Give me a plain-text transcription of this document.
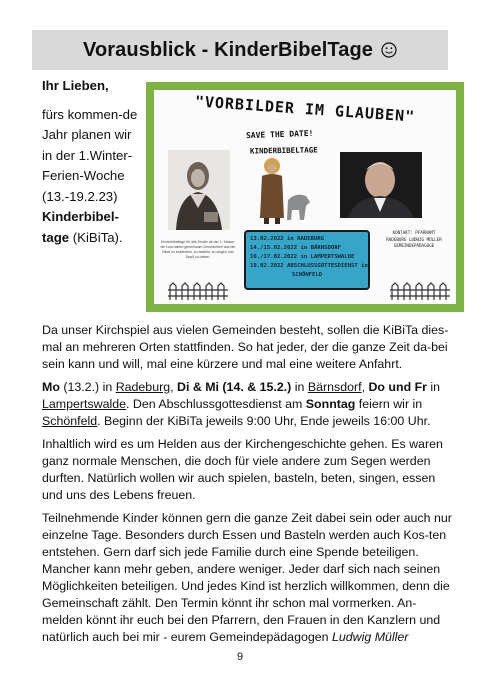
Vorausblick - KinderBibelTage

Ihr Lieben,

fürs kommen-de Jahr planen wir in der 1.Winter-Ferien-Woche (13.-19.2.23) Kinderbibel-tage (KiBiTa).

"VORBILDER IM GLAUBEN"
SAVE THE DATE!
KINDERBIBELTAGE
Kinderbibeltage für alle Kinder ab der 1. Klasse, die Lust haben gemeinsam Geschichten aus der Bibel zu entdecken, zu basteln, zu singen und Spaß zu haben.
13.02.2022 in RADEBURG
14./15.02.2022 in BÄRNSDORF
16./17.02.2022 in LAMPERTSWALDE
19.02.2022 ABSCHLUSSGOTTESDIENST in
SCHÖNFELD
KONTAKT: PFARRAMT RADEBURG LUDWIG MÜLLER GEMEINDEPÄDAGOGE

Da unser Kirchspiel aus vielen Gemeinden besteht, sollen die KiBiTa dies-mal an mehreren Orten stattfinden. So hat jeder, der die ganze Zeit da-bei sein kann und will, mal eine kürzere und mal eine weitere Anfahrt.

Mo (13.2.) in Radeburg, Di & Mi (14. & 15.2.) in Bärnsdorf, Do und Fr in Lampertswalde. Den Abschlussgottesdienst am Sonntag feiern wir in Schönfeld. Beginn der KiBiTa jeweils 9:00 Uhr, Ende jeweils 16:00 Uhr.

Inhaltlich wird es um Helden aus der Kirchengeschichte gehen. Es waren ganz normale Menschen, die doch für viele andere zum Segen werden durften. Natürlich wollen wir auch spielen, basteln, beten, singen, essen und uns des Lebens freuen.

Teilnehmende Kinder können gern die ganze Zeit dabei sein oder auch nur einzelne Tage. Besonders durch Essen und Basteln werden auch Kos-ten entstehen. Gern darf sich jede Familie durch eine Spende beteiligen. Mancher kann mehr geben, andere weniger. Jeder darf sich nach seinen Möglichkeiten beteiligen. Und jedes Kind ist herzlich willkommen, denn die Gemeinschaft zählt. Den Termin könnt ihr schon mal vormerken. An-melden könnt ihr euch bei den Pfarrern, den Frauen in den Kanzlern und natürlich auch bei mir - eurem Gemeindepädagogen Ludwig Müller

9
